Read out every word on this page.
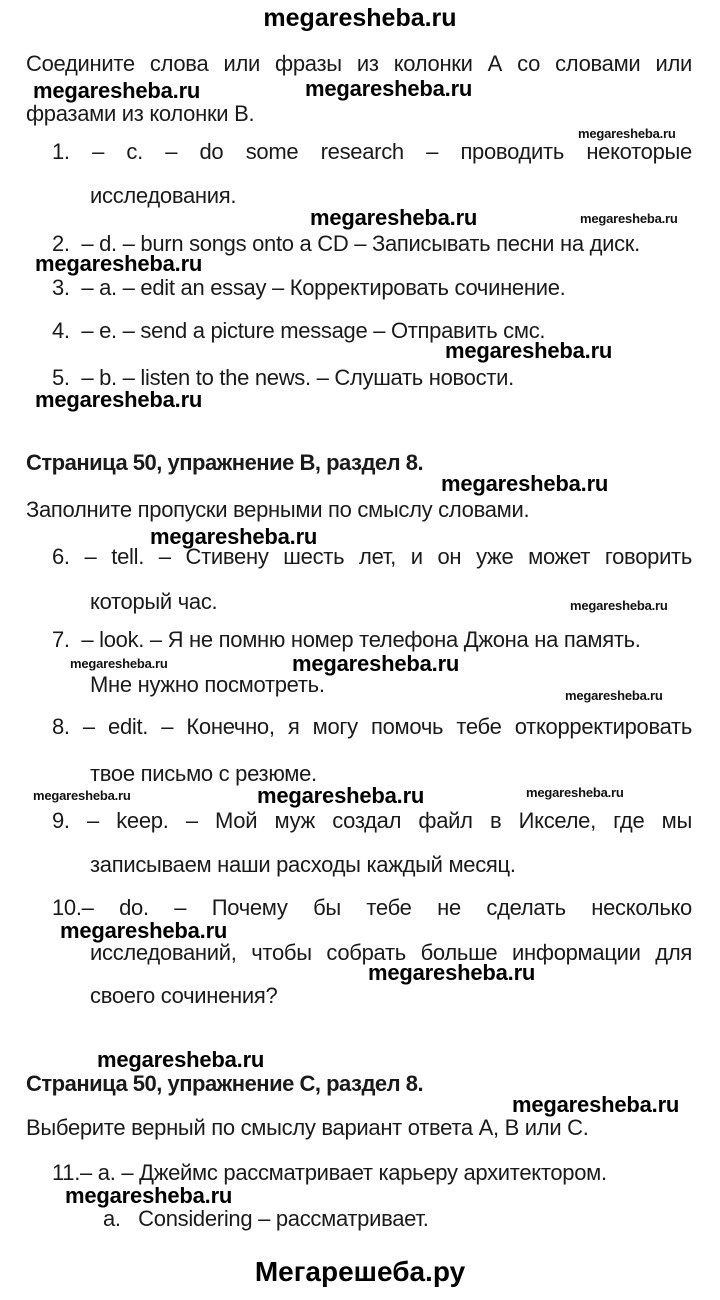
megaresheba.ru
Соедините слова или фразы из колонки А со словами или
фразами из колонки В.
megaresheba.ru	megaresheba.ru
megaresheba.ru
1. – c. – do some research – проводить некоторые
исследования.
megaresheba.ru	megaresheba.ru
2.  – d. – burn songs onto a CD – Записывать песни на диск.
megaresheba.ru
3.  – a. – edit an essay – Корректировать сочинение.
4.  – e. – send a picture message – Отправить смс.
megaresheba.ru
5.  – b. – listen to the news. – Слушать новости.
megaresheba.ru
Страница 50, упражнение B, раздел 8.
megaresheba.ru
Заполните пропуски верными по смыслу словами.
megaresheba.ru
6. – tell. – Стивену шесть лет, и он уже может говорить
который час.	megaresheba.ru
7.  – look. – Я не помню номер телефона Джона на память.
megaresheba.ru	megaresheba.ru
Мне нужно посмотреть.	megaresheba.ru
8. – edit. – Конечно, я могу помочь тебе откорректировать
твое письмо с резюме.
megaresheba.ru	megaresheba.ru	megaresheba.ru
9. – keep. – Мой муж создал файл в Икселе, где мы
записываем наши расходы каждый месяц.
10.– do. – Почему бы тебе не сделать несколько
megaresheba.ru
исследований, чтобы собрать больше информации для
megaresheba.ru
своего сочинения?
megaresheba.ru
Страница 50, упражнение C, раздел 8.
megaresheba.ru
Выберите верный по смыслу вариант ответа А, В или С.
11.– a. – Джеймс рассматривает карьеру архитектором.
megaresheba.ru
a.   Considering – рассматривает.
Мегарешеба.ру
